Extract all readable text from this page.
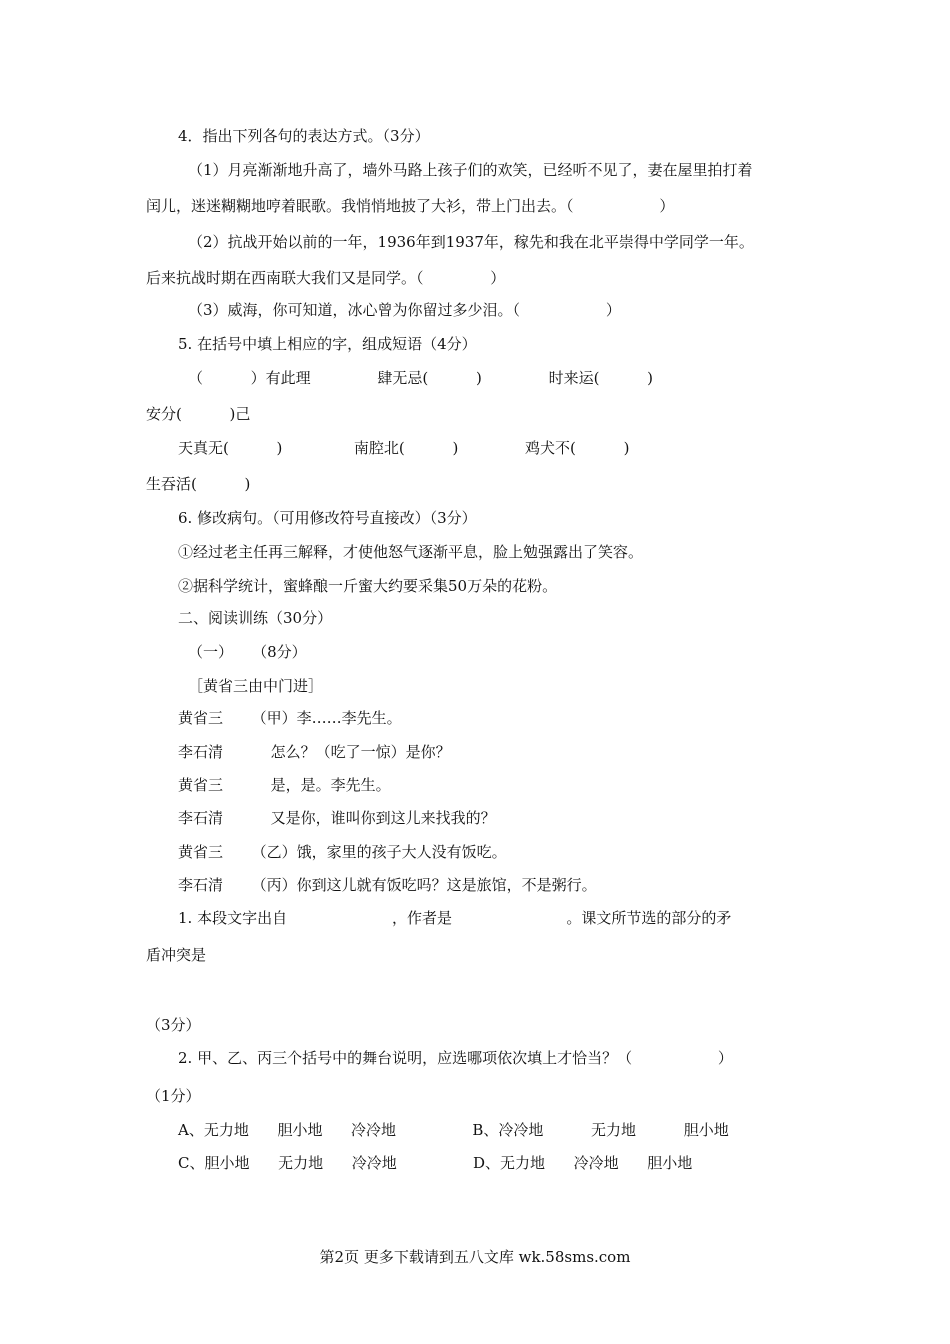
4．指出下列各句的表达方式。（3分）
（1）月亮渐渐地升高了，墙外马路上孩子们的欢笑，已经听不见了，妻在屋里拍打着
闰儿，迷迷糊糊地哼着眠歌。我悄悄地披了大衫，带上门出去。（                  ）
（2）抗战开始以前的一年，1936年到1937年，稼先和我在北平崇得中学同学一年。
后来抗战时期在西南联大我们又是同学。（              ）
（3）威海，你可知道，冰心曾为你留过多少泪。（                  ）
5. 在括号中填上相应的字，组成短语（4分）
（          ）有此理              肆无忌(          )              时来运(          )
安分(          )己
天真无(          )               南腔北(          )              鸡犬不(          )
生吞活(          )
6. 修改病句。（可用修改符号直接改）（3分）
①经过老主任再三解释，才使他怒气逐渐平息，脸上勉强露出了笑容。
②据科学统计，蜜蜂酿一斤蜜大约要采集50万朵的花粉。
二、阅读训练（30分）
（一）    （8分）
［黄省三由中门进］
黄省三      （甲）李……李先生。
李石清          怎么？（吃了一惊）是你？
黄省三          是，是。李先生。
李石清          又是你，谁叫你到这儿来找我的？
黄省三      （乙）饿，家里的孩子大人没有饭吃。
李石清      （丙）你到这儿就有饭吃吗？这是旅馆，不是粥行。
1. 本段文字出自                      ，作者是                        。课文所节选的部分的矛
盾冲突是
（3分）
2. 甲、乙、丙三个括号中的舞台说明，应选哪项依次填上才恰当？（                  ）
（1分）
A、无力地      胆小地      冷冷地                B、冷冷地          无力地          胆小地
C、胆小地      无力地      冷冷地                D、无力地      冷冷地      胆小地
第2页 更多下载请到五八文库 wk.58sms.com
